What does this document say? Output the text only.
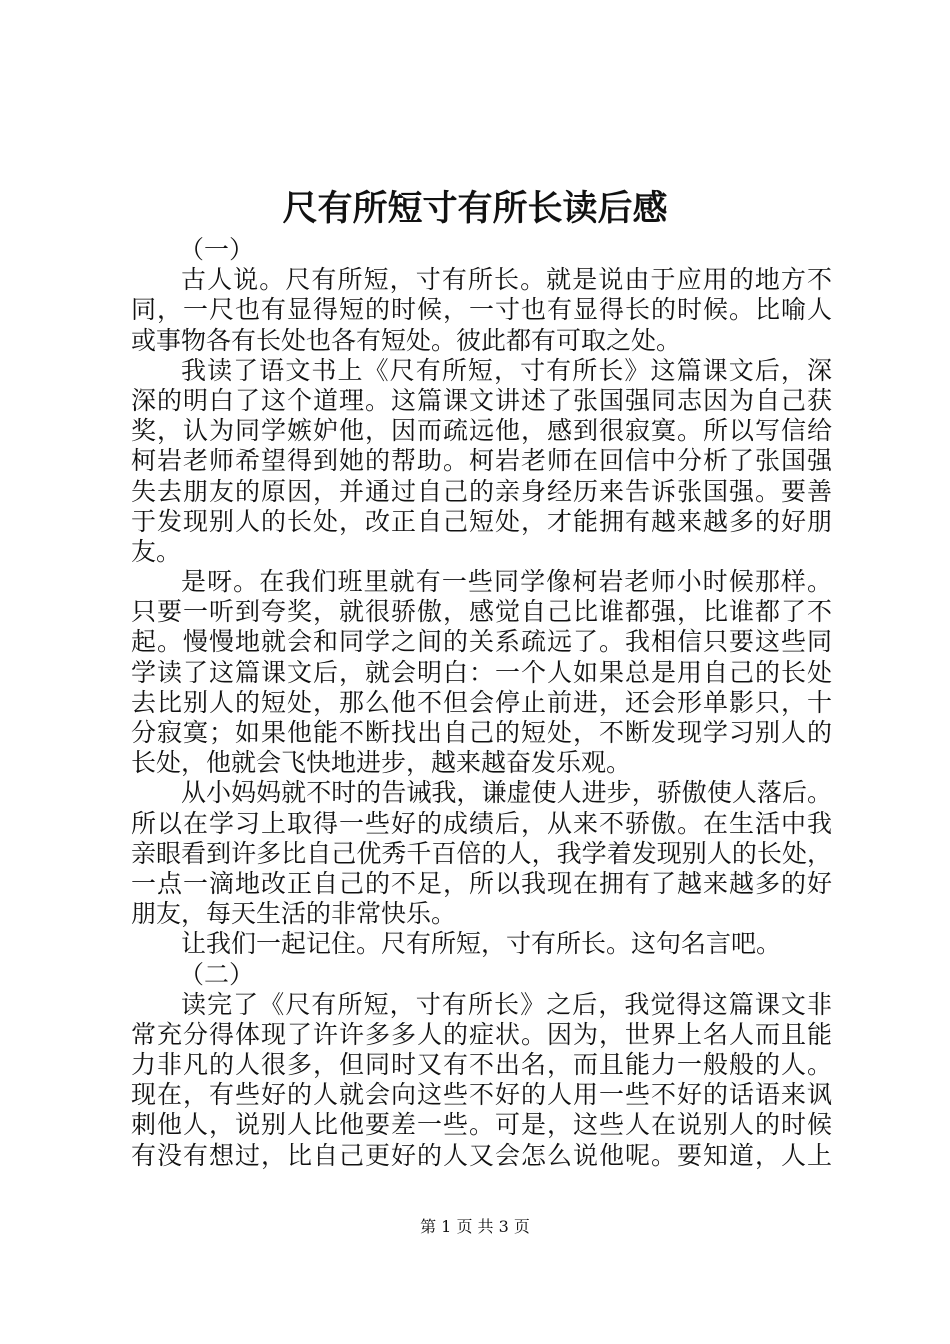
尺有所短寸有所长读后感
（一）
古人说。尺有所短，寸有所长。就是说由于应用的地方不
同，一尺也有显得短的时候，一寸也有显得长的时候。比喻人
或事物各有长处也各有短处。彼此都有可取之处。
我读了语文书上《尺有所短，寸有所长》这篇课文后，深
深的明白了这个道理。这篇课文讲述了张国强同志因为自己获
奖，认为同学嫉妒他，因而疏远他，感到很寂寞。所以写信给
柯岩老师希望得到她的帮助。柯岩老师在回信中分析了张国强
失去朋友的原因，并通过自己的亲身经历来告诉张国强。要善
于发现别人的长处，改正自己短处，才能拥有越来越多的好朋
友。
是呀。在我们班里就有一些同学像柯岩老师小时候那样。
只要一听到夸奖，就很骄傲，感觉自己比谁都强，比谁都了不
起。慢慢地就会和同学之间的关系疏远了。我相信只要这些同
学读了这篇课文后，就会明白：一个人如果总是用自己的长处
去比别人的短处，那么他不但会停止前进，还会形单影只，十
分寂寞；如果他能不断找出自己的短处，不断发现学习别人的
长处，他就会飞快地进步，越来越奋发乐观。
从小妈妈就不时的告诫我，谦虚使人进步，骄傲使人落后。
所以在学习上取得一些好的成绩后，从来不骄傲。在生活中我
亲眼看到许多比自己优秀千百倍的人，我学着发现别人的长处，
一点一滴地改正自己的不足，所以我现在拥有了越来越多的好
朋友，每天生活的非常快乐。
让我们一起记住。尺有所短，寸有所长。这句名言吧。
（二）
读完了《尺有所短，寸有所长》之后，我觉得这篇课文非
常充分得体现了许许多多人的症状。因为，世界上名人而且能
力非凡的人很多，但同时又有不出名，而且能力一般般的人。
现在，有些好的人就会向这些不好的人用一些不好的话语来讽
刺他人，说别人比他要差一些。可是，这些人在说别人的时候
有没有想过，比自己更好的人又会怎么说他呢。要知道，人上
第 1 页 共 3 页
